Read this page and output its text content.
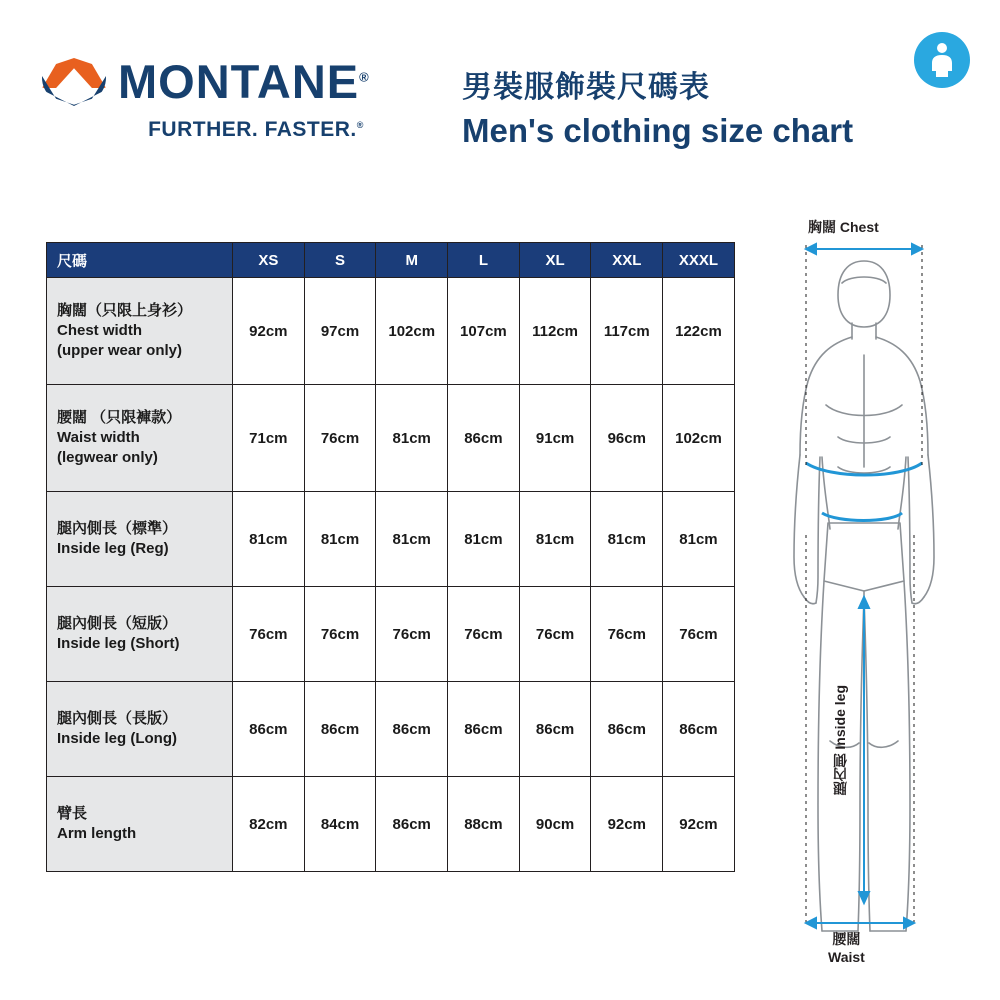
MONTANE®
FURTHER. FASTER.®
男裝服飾裝尺碼表
Men's clothing size chart
尺碼	XS	S	M	L	XL	XXL	XXXL

胸闊（只限上身衫）
Chest width
(upper wear only)	92cm	97cm	102cm	107cm	112cm	117cm	122cm

腰闊 （只限褲款）
Waist width
(legwear only)	71cm	76cm	81cm	86cm	91cm	96cm	102cm

腿內側長（標準）
Inside leg (Reg)	81cm	81cm	81cm	81cm	81cm	81cm	81cm

腿內側長（短版）
Inside leg (Short)	76cm	76cm	76cm	76cm	76cm	76cm	76cm

腿內側長（長版）
Inside leg (Long)	86cm	86cm	86cm	86cm	86cm	86cm	86cm

臂長
Arm length	82cm	84cm	86cm	88cm	90cm	92cm	92cm
胸闊 Chest
腿內側 Inside leg
腰闊
Waist
